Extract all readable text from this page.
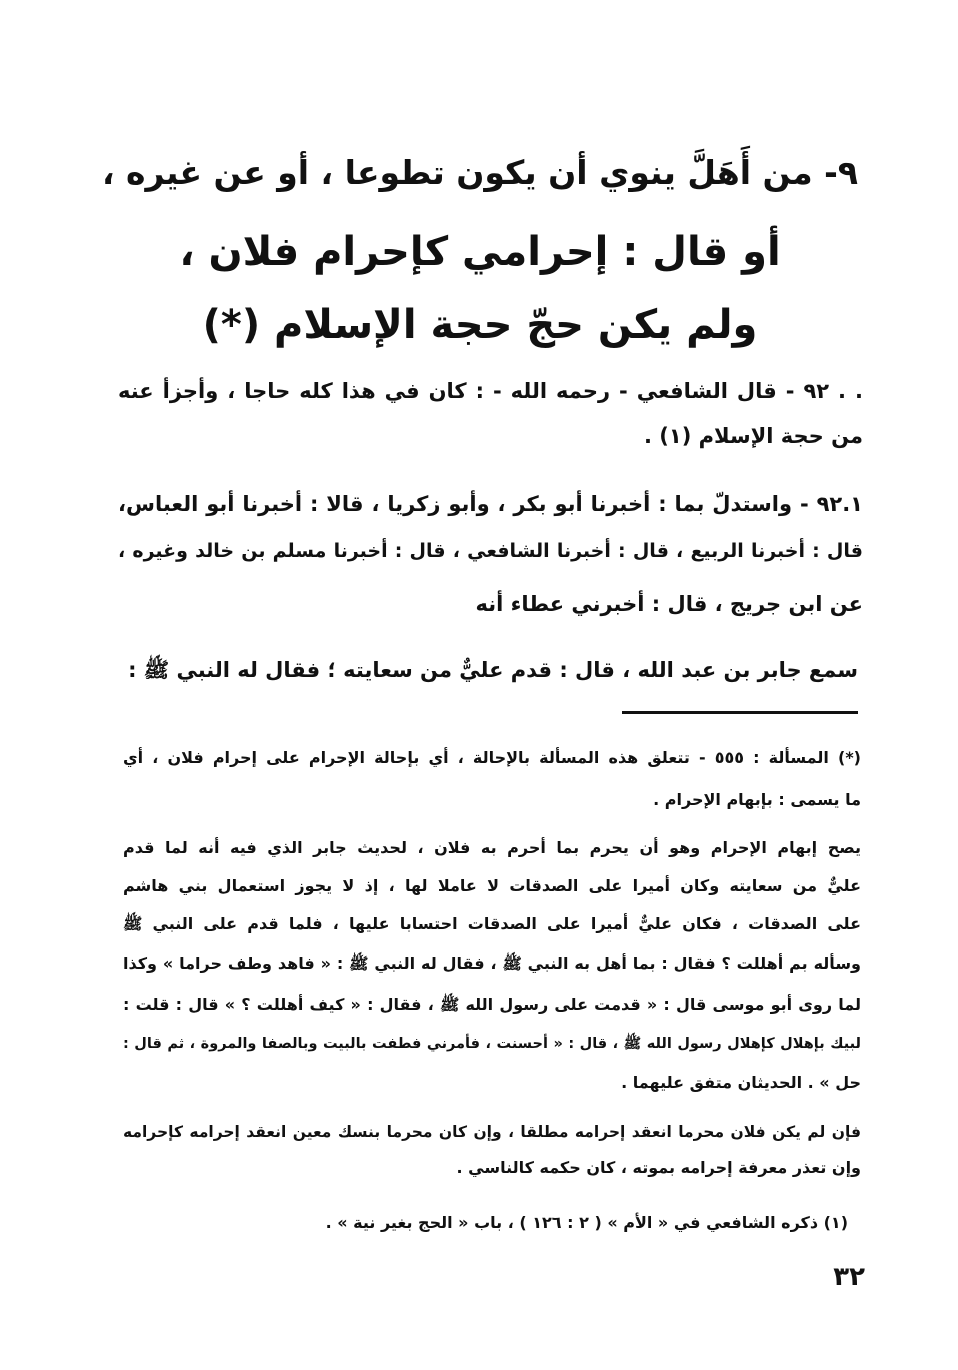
٩- من أَهَلَّ ينوي أن يكون تطوعا ، أو عن غيره ،
أو قال : إحرامي كإحرام فلان ،
ولم يكن حجّ حجة الإسلام (*)
. . ٩٢ - قال الشافعي - رحمه الله - : كان في هذا كله حاجا ، وأجزأ عنه
من حجة الإسلام (١) .
٩٢.١ - واستدلّ بما : أخبرنا أبو بكر ، وأبو زكريا ، قالا : أخبرنا أبو العباس،
قال : أخبرنا الربيع ، قال : أخبرنا الشافعي ، قال : أخبرنا مسلم بن خالد وغيره ،
عن ابن جريج ، قال : أخبرني عطاء أنه
سمع جابر بن عبد الله ، قال : قدم عليٌّ من سعايته ؛ فقال له النبي ﷺ :
(*) المسألة : ٥٥٥ - تتعلق هذه المسألة بالإحالة ، أي بإحالة الإحرام على إحرام فلان ، أي
ما يسمى : بإبهام الإحرام .
يصح إبهام الإحرام وهو أن يحرم بما أحرم به فلان ، لحديث جابر الذي فيه أنه لما قدم
عليٌّ من سعايته وكان أميرا على الصدقات لا عاملا لها ، إذ لا يجوز استعمال بني هاشم
على الصدقات ، فكان عليٌّ أميرا على الصدقات احتسابا عليها ، فلما قدم على النبي ﷺ
وسأله بم أهللت ؟ فقال : بما أهل به النبي ﷺ ، فقال له النبي ﷺ : « فاهد وطف حراما » وكذا
لما روى أبو موسى قال : « قدمت على رسول الله ﷺ ، فقال : « كيف أهللت ؟ » قال : قلت :
لبيك بإهلال كإهلال رسول الله ﷺ ، قال : « أحسنت ، فأمرني فطفت بالبيت وبالصفا والمروة ، ثم قال :
حل » . الحديثان متفق عليهما .
فإن لم يكن فلان محرما انعقد إحرامه مطلقا ، وإن كان محرما بنسك معين انعقد إحرامه كإحرامه
وإن تعذر معرفة إحرامه بموته ، كان حكمه كالناسي .
(١) ذكره الشافعي في « الأم » ( ٢ : ١٢٦ ) ، باب « الحج بغير نية » .
٣٢
